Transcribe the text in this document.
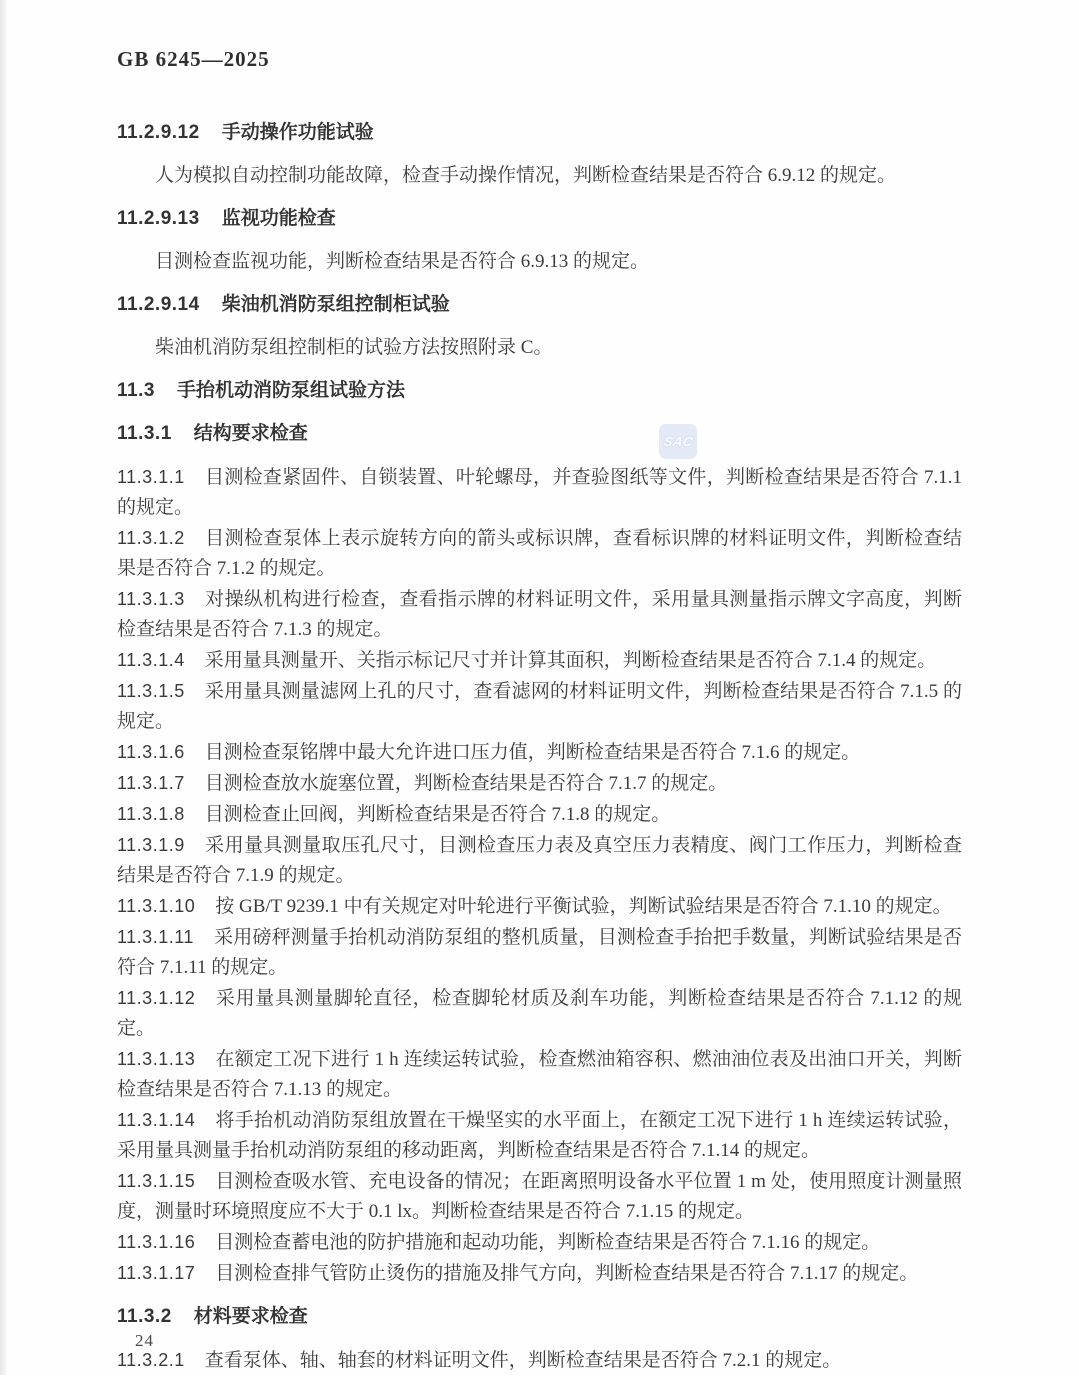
SAC
GB 6245—2025
11.2.9.12 手动操作功能试验

人为模拟自动控制功能故障，检查手动操作情况，判断检查结果是否符合 6.9.12 的规定。

11.2.9.13 监视功能检查

目测检查监视功能，判断检查结果是否符合 6.9.13 的规定。

11.2.9.14 柴油机消防泵组控制柜试验

柴油机消防泵组控制柜的试验方法按照附录 C。

11.3 手抬机动消防泵组试验方法
11.3.1 结构要求检查

11.3.1.1 目测检查紧固件、自锁装置、叶轮螺母，并查验图纸等文件，判断检查结果是否符合 7.1.1 的规定。

11.3.1.2 目测检查泵体上表示旋转方向的箭头或标识牌，查看标识牌的材料证明文件，判断检查结果是否符合 7.1.2 的规定。

11.3.1.3 对操纵机构进行检查，查看指示牌的材料证明文件，采用量具测量指示牌文字高度，判断检查结果是否符合 7.1.3 的规定。

11.3.1.4 采用量具测量开、关指示标记尺寸并计算其面积，判断检查结果是否符合 7.1.4 的规定。

11.3.1.5 采用量具测量滤网上孔的尺寸，查看滤网的材料证明文件，判断检查结果是否符合 7.1.5 的规定。

11.3.1.6 目测检查泵铭牌中最大允许进口压力值，判断检查结果是否符合 7.1.6 的规定。

11.3.1.7 目测检查放水旋塞位置，判断检查结果是否符合 7.1.7 的规定。

11.3.1.8 目测检查止回阀，判断检查结果是否符合 7.1.8 的规定。

11.3.1.9 采用量具测量取压孔尺寸，目测检查压力表及真空压力表精度、阀门工作压力，判断检查结果是否符合 7.1.9 的规定。

11.3.1.10 按 GB/T 9239.1 中有关规定对叶轮进行平衡试验，判断试验结果是否符合 7.1.10 的规定。

11.3.1.11 采用磅秤测量手抬机动消防泵组的整机质量，目测检查手抬把手数量，判断试验结果是否符合 7.1.11 的规定。

11.3.1.12 采用量具测量脚轮直径，检查脚轮材质及刹车功能，判断检查结果是否符合 7.1.12 的规定。

11.3.1.13 在额定工况下进行 1 h 连续运转试验，检查燃油箱容积、燃油油位表及出油口开关，判断检查结果是否符合 7.1.13 的规定。

11.3.1.14 将手抬机动消防泵组放置在干燥坚实的水平面上，在额定工况下进行 1 h 连续运转试验，采用量具测量手抬机动消防泵组的移动距离，判断检查结果是否符合 7.1.14 的规定。

11.3.1.15 目测检查吸水管、充电设备的情况；在距离照明设备水平位置 1 m 处，使用照度计测量照度，测量时环境照度应不大于 0.1 lx。判断检查结果是否符合 7.1.15 的规定。

11.3.1.16 目测检查蓄电池的防护措施和起动功能，判断检查结果是否符合 7.1.16 的规定。

11.3.1.17 目测检查排气管防止烫伤的措施及排气方向，判断检查结果是否符合 7.1.17 的规定。

11.3.2 材料要求检查

11.3.2.1 查看泵体、轴、轴套的材料证明文件，判断检查结果是否符合 7.2.1 的规定。

24
